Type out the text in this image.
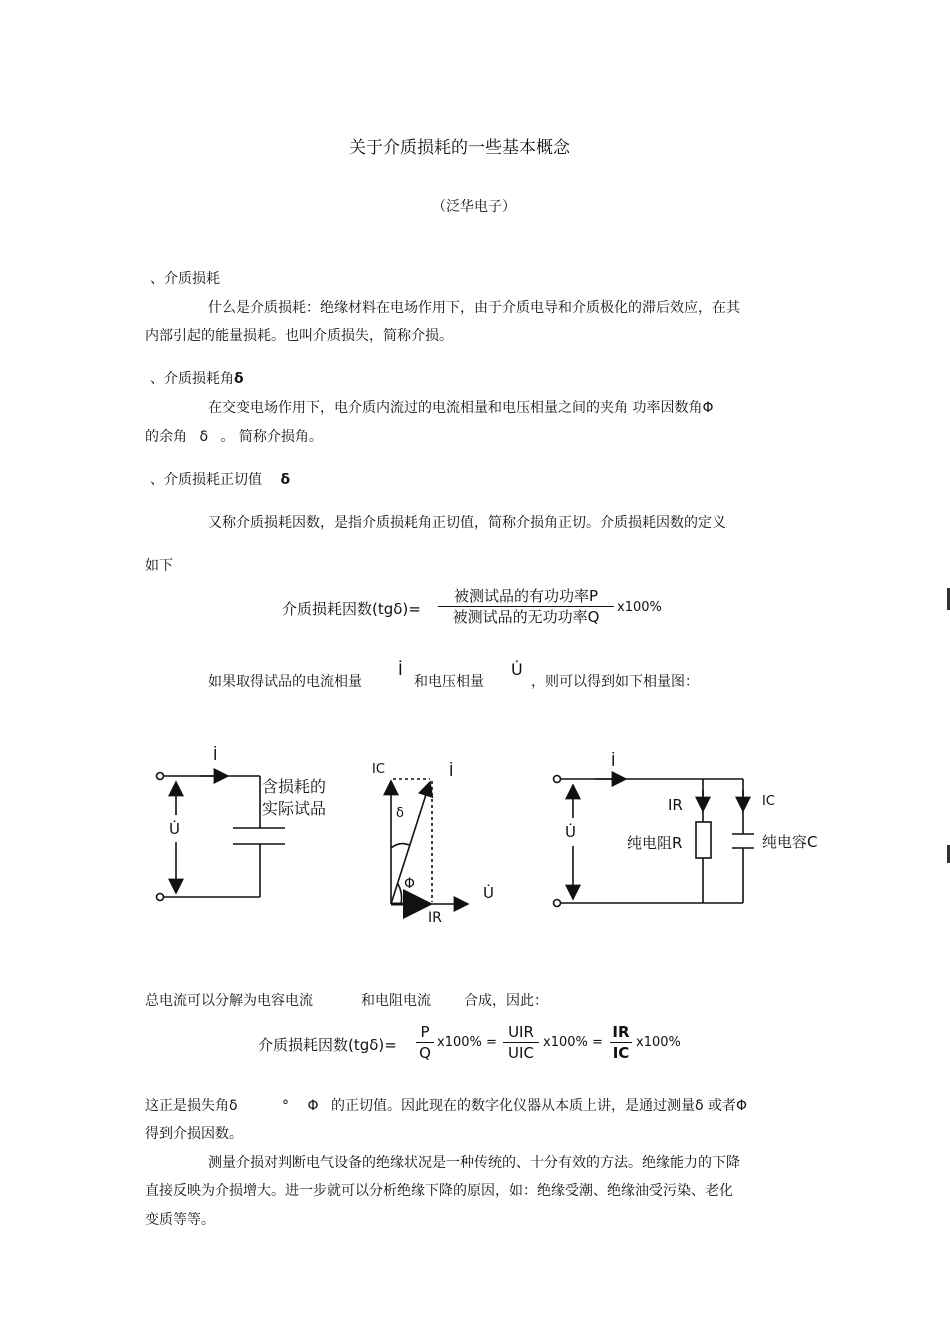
关于介质损耗的一些基本概念
（泛华电子）
、介质损耗
什么是介质损耗：绝缘材料在电场作用下，由于介质电导和介质极化的滞后效应，在其
内部引起的能量损耗。也叫介质损失，简称介损。
、介质损耗角δ
在交变电场作用下，电介质内流过的电流相量和电压相量之间的夹角 功率因数角Φ
的余角 δ 。 简称介损角。
、介质损耗正切值 δ
又称介质损耗因数，是指介质损耗角正切值，简称介损角正切。介质损耗因数的定义
如下
介质损耗因数(tgδ)=
被测试品的有功功率P
被测试品的无功功率Q
x100%
如果取得试品的电流相量
İ
和电压相量
U̇
，则可以得到如下相量图：
İ
U̇
含损耗的
实际试品
IC	İ
δ
Φ	U̇
IR
İ
U̇
IR	IC
纯电阻R	纯电容C
总电流可以分解为电容电流	和电阻电流 合成，因此：
介质损耗因数(tgδ)=
P
Q
x100% =
UIR
UIC
x100% =
IR
IC
x100%
这正是损失角δ	° Φ 的正切值。因此现在的数字化仪器从本质上讲，是通过测量δ 或者Φ
得到介损因数。
测量介损对判断电气设备的绝缘状况是一种传统的、十分有效的方法。绝缘能力的下降
直接反映为介损增大。进一步就可以分析绝缘下降的原因，如：绝缘受潮、绝缘油受污染、老化
变质等等。
